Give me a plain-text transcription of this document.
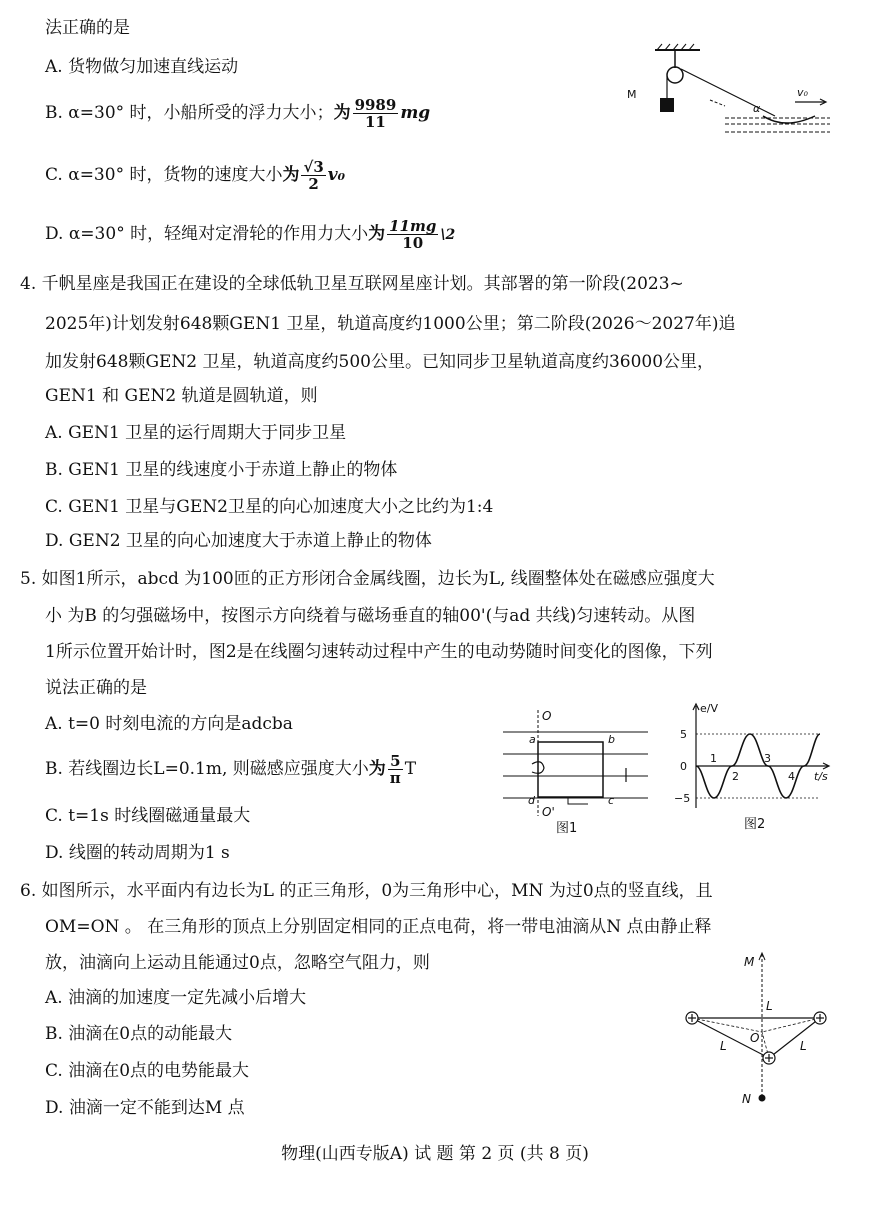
法正确的是
A. 货物做匀加速直线运动
B. α=30° 时，小船所受的浮力大小；为 $\frac{9989}{11}$ mg
C. α=30° 时，货物的速度大小为 $\frac{√3}{2} v_0$
D. α=30° 时，轻绳对定滑轮的作用力大小为 $\frac{11mg}{10}$ \2
M
α
v₀
4. 千帆星座是我国正在建设的全球低轨卫星互联网星座计划。其部署的第一阶段(2023~
2025年)计划发射648颗GEN1 卫星，轨道高度约1000公里；第二阶段(2026～2027年)追
加发射648颗GEN2 卫星，轨道高度约500公里。已知同步卫星轨道高度约36000公里，
GEN1 和 GEN2 轨道是圆轨道，则
A. GEN1 卫星的运行周期大于同步卫星
B. GEN1 卫星的线速度小于赤道上静止的物体
C. GEN1 卫星与GEN2卫星的向心加速度大小之比约为1:4
D. GEN2 卫星的向心加速度大于赤道上静止的物体
5. 如图1所示，abcd 为100匝的正方形闭合金属线圈，边长为L, 线圈整体处在磁感应强度大
小 为B 的匀强磁场中，按图示方向绕着与磁场垂直的轴00'(与ad 共线)匀速转动。从图
1所示位置开始计时，图2是在线圈匀速转动过程中产生的电动势随时间变化的图像，下列
说法正确的是
A. t=0 时刻电流的方向是adcba
B. 若线圈边长L=0.1m, 则磁感应强度大小为 $\frac{5}{\pi}$ T
C. t=1s 时线圈磁通量最大
D. 线圈的转动周期为1 s
O
a	b
c
d
O'
图1
e/V
t/s
5
0
−5
1
2
3
4
图2
6. 如图所示，水平面内有边长为L 的正三角形，0为三角形中心，MN 为过0点的竖直线，且
OM=ON 。 在三角形的顶点上分别固定相同的正点电荷，将一带电油滴从N 点由静止释
放，油滴向上运动且能通过0点，忽略空气阻力，则
A. 油滴的加速度一定先减小后增大
B. 油滴在0点的动能最大
C. 油滴在0点的电势能最大
D. 油滴一定不能到达M 点
M
L
L	L
O
N
物理(山西专版A) 试 题 第 2 页 (共 8 页)
